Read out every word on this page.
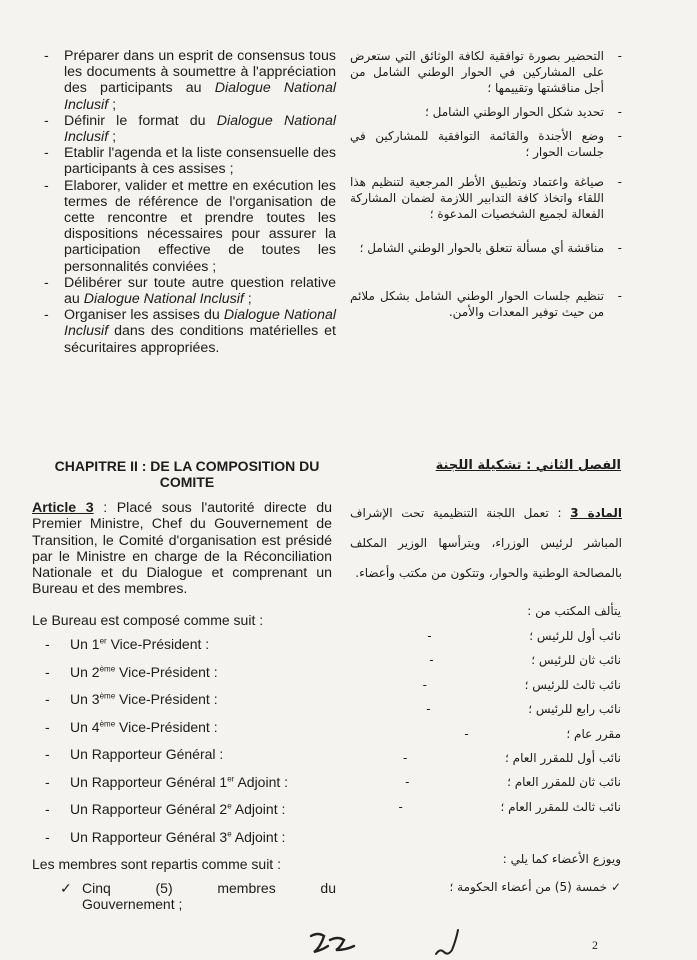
- Préparer dans un esprit de consensus tous les documents à soumettre à l'appréciation des participants au Dialogue National Inclusif ;
- Définir le format du Dialogue National Inclusif ;
- Etablir l'agenda et la liste consensuelle des participants à ces assises ;
- Elaborer, valider et mettre en exécution les termes de référence de l'organisation de cette rencontre et prendre toutes les dispositions nécessaires pour assurer la participation effective de toutes les personnalités conviées ;
- Délibérer sur toute autre question relative au Dialogue National Inclusif ;
- Organiser les assises du Dialogue National Inclusif dans des conditions matérielles et sécuritaires appropriées.
-
التحضير بصورة توافقية لكافة الوثائق التي ستعرض على المشاركين في الحوار الوطني الشامل من أجل مناقشتها وتقييمها ؛
-
تحديد شكل الحوار الوطني الشامل ؛
-
وضع الأجندة والقائمة التوافقية للمشاركين في جلسات الحوار ؛
-
صياغة واعتماد وتطبيق الأطر المرجعية لتنظيم هذا اللقاء واتخاذ كافة التدابير اللازمة لضمان المشاركة الفعالة لجميع الشخصيات المدعوة ؛
-
مناقشة أي مسألة تتعلق بالحوار الوطني الشامل ؛
-
تنظيم جلسات الحوار الوطني الشامل بشكل ملائم من حيث توفير المعدات والأمن.
CHAPITRE II : DE LA COMPOSITION DU COMITE
الفصل الثاني : تشكيلة اللجنة
Article 3 : Placé sous l'autorité directe du Premier Ministre, Chef du Gouvernement de Transition, le Comité d'organisation est présidé par le Ministre en charge de la Réconciliation Nationale et du Dialogue et comprenant un Bureau et des membres.
المادة 3 : تعمل اللجنة التنظيمية تحت الإشراف المباشر لرئيس الوزراء، ويترأسها الوزير المكلف بالمصالحة الوطنية والحوار، وتتكون من مكتب وأعضاء.
Le Bureau est composé comme suit :
يتألف المكتب من :
-	Un 1er Vice-Président :
-	Un 2ème Vice-Président :
-	Un 3ème Vice-Président :
-	Un 4ème Vice-Président :
-	Un Rapporteur Général :
-	Un Rapporteur Général 1er Adjoint :
-	Un Rapporteur Général 2e Adjoint :
-	Un Rapporteur Général 3e Adjoint :
نائب أول للرئيس ؛
-
نائب ثان للرئيس ؛
-
نائب ثالث للرئيس ؛
-
نائب رابع للرئيس ؛
-
مقرر عام ؛
-
نائب أول للمقرر العام ؛
-
نائب ثان للمقرر العام ؛
-
نائب ثالث للمقرر العام ؛
-
Les membres sont repartis comme suit :	ويوزع الأعضاء كما يلي :
✓ Cinq (5) membres du
Gouvernement ;
✓ خمسة (5) من أعضاء الحكومة ؛
2
